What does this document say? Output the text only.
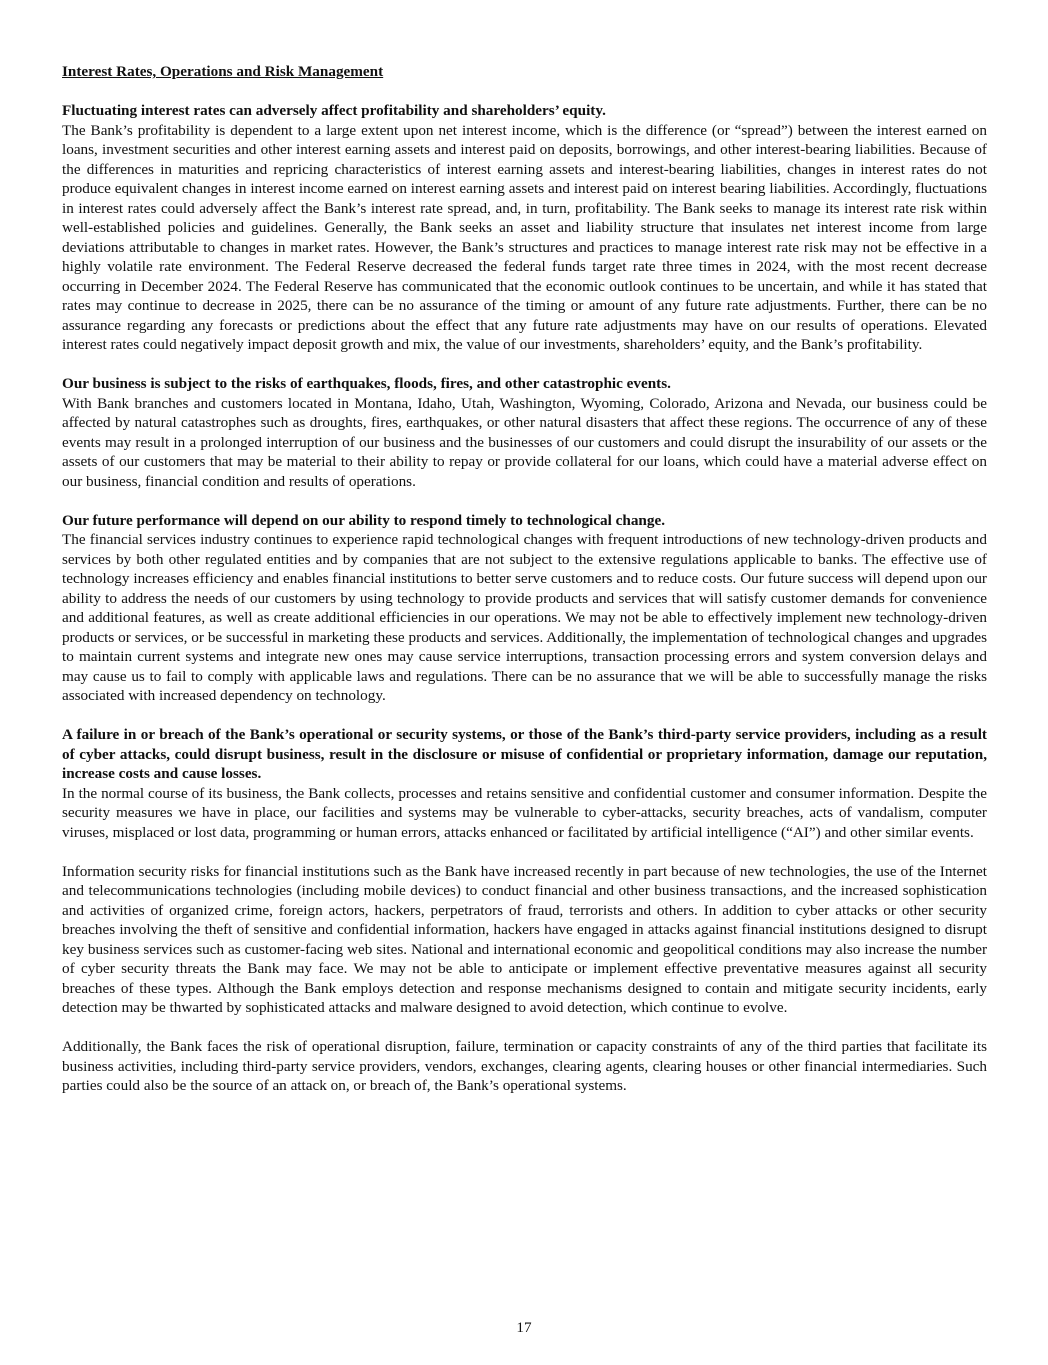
Interest Rates, Operations and Risk Management

Fluctuating interest rates can adversely affect profitability and shareholders’ equity.

The Bank’s profitability is dependent to a large extent upon net interest income, which is the difference (or “spread”) between the interest earned on loans, investment securities and other interest earning assets and interest paid on deposits, borrowings, and other interest-bearing liabilities. Because of the differences in maturities and repricing characteristics of interest earning assets and interest-bearing liabilities, changes in interest rates do not produce equivalent changes in interest income earned on interest earning assets and interest paid on interest bearing liabilities. Accordingly, fluctuations in interest rates could adversely affect the Bank’s interest rate spread, and, in turn, profitability. The Bank seeks to manage its interest rate risk within well-established policies and guidelines. Generally, the Bank seeks an asset and liability structure that insulates net interest income from large deviations attributable to changes in market rates. However, the Bank’s structures and practices to manage interest rate risk may not be effective in a highly volatile rate environment. The Federal Reserve decreased the federal funds target rate three times in 2024, with the most recent decrease occurring in December 2024. The Federal Reserve has communicated that the economic outlook continues to be uncertain, and while it has stated that rates may continue to decrease in 2025, there can be no assurance of the timing or amount of any future rate adjustments. Further, there can be no assurance regarding any forecasts or predictions about the effect that any future rate adjustments may have on our results of operations. Elevated interest rates could negatively impact deposit growth and mix, the value of our investments, shareholders’ equity, and the Bank’s profitability.

Our business is subject to the risks of earthquakes, floods, fires, and other catastrophic events.

With Bank branches and customers located in Montana, Idaho, Utah, Washington, Wyoming, Colorado, Arizona and Nevada, our business could be affected by natural catastrophes such as droughts, fires, earthquakes, or other natural disasters that affect these regions. The occurrence of any of these events may result in a prolonged interruption of our business and the businesses of our customers and could disrupt the insurability of our assets or the assets of our customers that may be material to their ability to repay or provide collateral for our loans, which could have a material adverse effect on our business, financial condition and results of operations.

Our future performance will depend on our ability to respond timely to technological change.

The financial services industry continues to experience rapid technological changes with frequent introductions of new technology-driven products and services by both other regulated entities and by companies that are not subject to the extensive regulations applicable to banks. The effective use of technology increases efficiency and enables financial institutions to better serve customers and to reduce costs. Our future success will depend upon our ability to address the needs of our customers by using technology to provide products and services that will satisfy customer demands for convenience and additional features, as well as create additional efficiencies in our operations. We may not be able to effectively implement new technology-driven products or services, or be successful in marketing these products and services. Additionally, the implementation of technological changes and upgrades to maintain current systems and integrate new ones may cause service interruptions, transaction processing errors and system conversion delays and may cause us to fail to comply with applicable laws and regulations. There can be no assurance that we will be able to successfully manage the risks associated with increased dependency on technology.

A failure in or breach of the Bank’s operational or security systems, or those of the Bank’s third-party service providers, including as a result of cyber attacks, could disrupt business, result in the disclosure or misuse of confidential or proprietary information, damage our reputation, increase costs and cause losses.

In the normal course of its business, the Bank collects, processes and retains sensitive and confidential customer and consumer information. Despite the security measures we have in place, our facilities and systems may be vulnerable to cyber-attacks, security breaches, acts of vandalism, computer viruses, misplaced or lost data, programming or human errors, attacks enhanced or facilitated by artificial intelligence (“AI”) and other similar events.

Information security risks for financial institutions such as the Bank have increased recently in part because of new technologies, the use of the Internet and telecommunications technologies (including mobile devices) to conduct financial and other business transactions, and the increased sophistication and activities of organized crime, foreign actors, hackers, perpetrators of fraud, terrorists and others. In addition to cyber attacks or other security breaches involving the theft of sensitive and confidential information, hackers have engaged in attacks against financial institutions designed to disrupt key business services such as customer-facing web sites. National and international economic and geopolitical conditions may also increase the number of cyber security threats the Bank may face. We may not be able to anticipate or implement effective preventative measures against all security breaches of these types. Although the Bank employs detection and response mechanisms designed to contain and mitigate security incidents, early detection may be thwarted by sophisticated attacks and malware designed to avoid detection, which continue to evolve.

Additionally, the Bank faces the risk of operational disruption, failure, termination or capacity constraints of any of the third parties that facilitate its business activities, including third-party service providers, vendors, exchanges, clearing agents, clearing houses or other financial intermediaries. Such parties could also be the source of an attack on, or breach of, the Bank’s operational systems.

17
